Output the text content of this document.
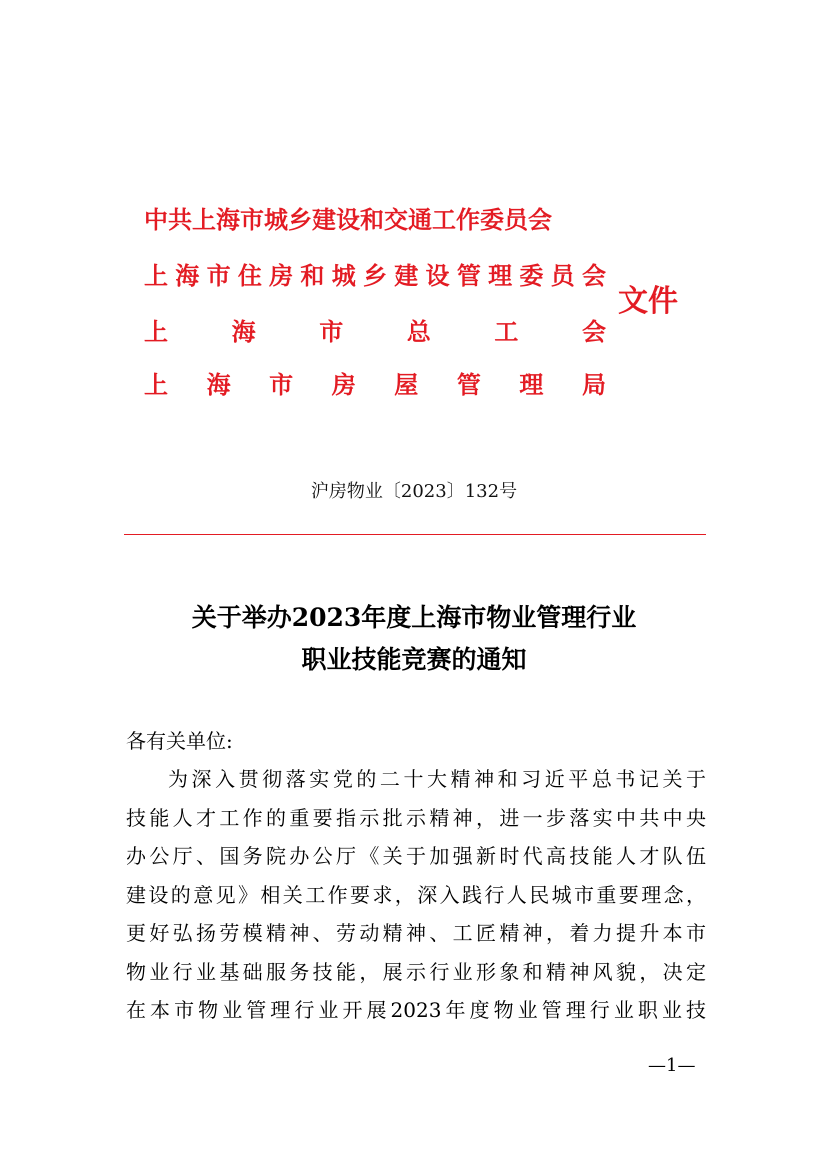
中共上海市城乡建设和交通工作委员会
上 海 市 住 房 和 城 乡 建 设 管 理 委 员 会
上	海	市	总	工	会
上 海 市 房 屋 管 理 局
文件
沪房物业〔2023〕132号
关于举办2023年度上海市物业管理行业
职业技能竞赛的通知
各有关单位:
为深入贯彻落实党的二十大精神和习近平总书记关于
技能人才工作的重要指示批示精神，进一步落实中共中央
办公厅、国务院办公厅《关于加强新时代高技能人才队伍
建设的意见》相关工作要求，深入践行人民城市重要理念，
更好弘扬劳模精神、劳动精神、工匠精神，着力提升本市
物业行业基础服务技能，展示行业形象和精神风貌，决定
在本市物业管理行业开展2023年度物业管理行业职业技
—1—
